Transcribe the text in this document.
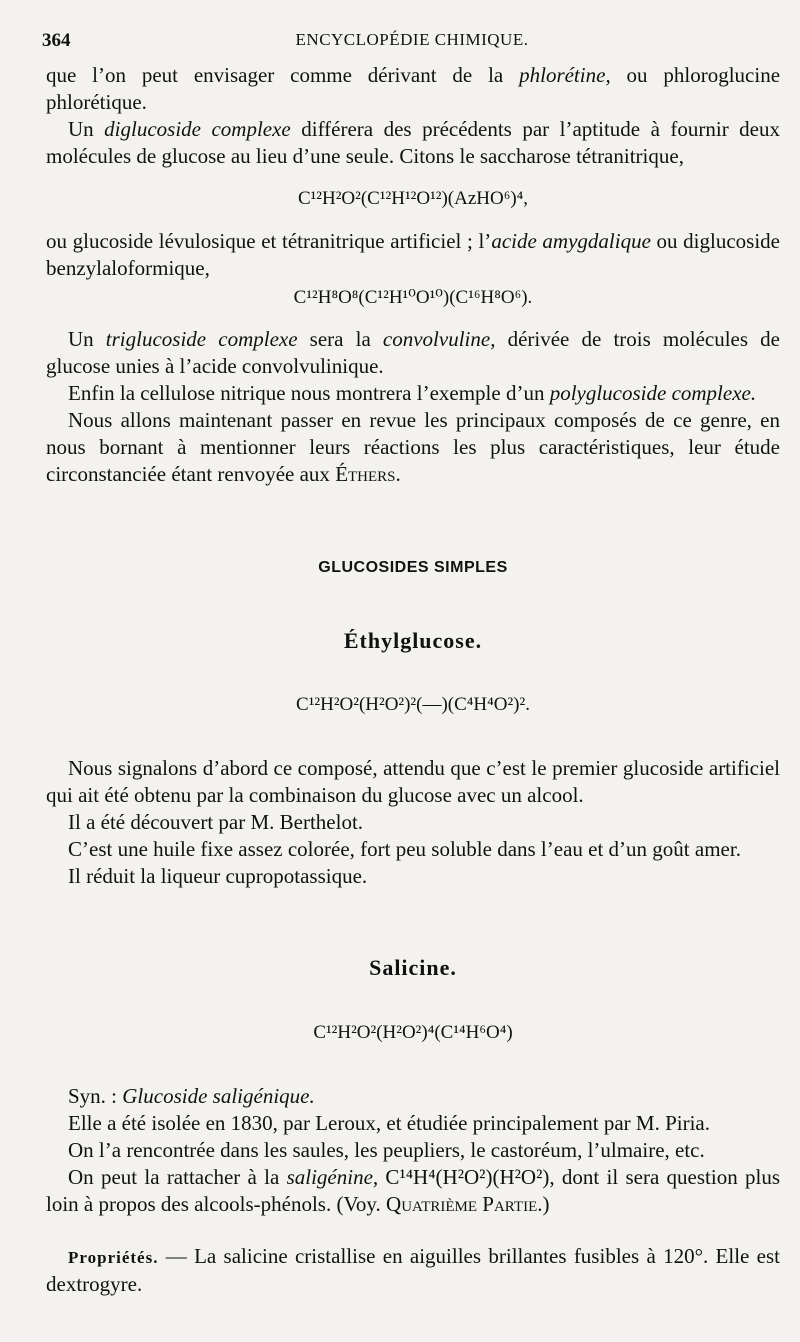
364	ENCYCLOPÉDIE CHIMIQUE.

que l’on peut envisager comme dérivant de la phlorétine, ou phloroglucine phlorétique.

Un diglucoside complexe différera des précédents par l’aptitude à fournir deux molécules de glucose au lieu d’une seule. Citons le saccharose tétranitrique,

C¹²H²O²(C¹²H¹²O¹²)(AzHO⁶)⁴,

ou glucoside lévulosique et tétranitrique artificiel ; l’acide amygdalique ou diglucoside benzylaloformique,

C¹²H⁸O⁸(C¹²H¹⁰O¹⁰)(C¹⁶H⁸O⁶).

Un triglucoside complexe sera la convolvuline, dérivée de trois molécules de glucose unies à l’acide convolvulinique.

Enfin la cellulose nitrique nous montrera l’exemple d’un polyglucoside complexe.

Nous allons maintenant passer en revue les principaux composés de ce genre, en nous bornant à mentionner leurs réactions les plus caractéristiques, leur étude circonstanciée étant renvoyée aux Éthers.

GLUCOSIDES SIMPLES
Éthylglucose.

C¹²H²O²(H²O²)²(—)(C⁴H⁴O²)².

Nous signalons d’abord ce composé, attendu que c’est le premier glucoside artificiel qui ait été obtenu par la combinaison du glucose avec un alcool.

Il a été découvert par M. Berthelot.

C’est une huile fixe assez colorée, fort peu soluble dans l’eau et d’un goût amer.

Il réduit la liqueur cupropotassique.

Salicine.

C¹²H²O²(H²O²)⁴(C¹⁴H⁶O⁴)

Syn. : Glucoside saligénique.

Elle a été isolée en 1830, par Leroux, et étudiée principalement par M. Piria.

On l’a rencontrée dans les saules, les peupliers, le castoréum, l’ulmaire, etc.

On peut la rattacher à la saligénine, C¹⁴H⁴(H²O²)(H²O²), dont il sera question plus loin à propos des alcools-phénols. (Voy. Quatrième Partie.)

Propriétés. — La salicine cristallise en aiguilles brillantes fusibles à 120°. Elle est dextrogyre.
